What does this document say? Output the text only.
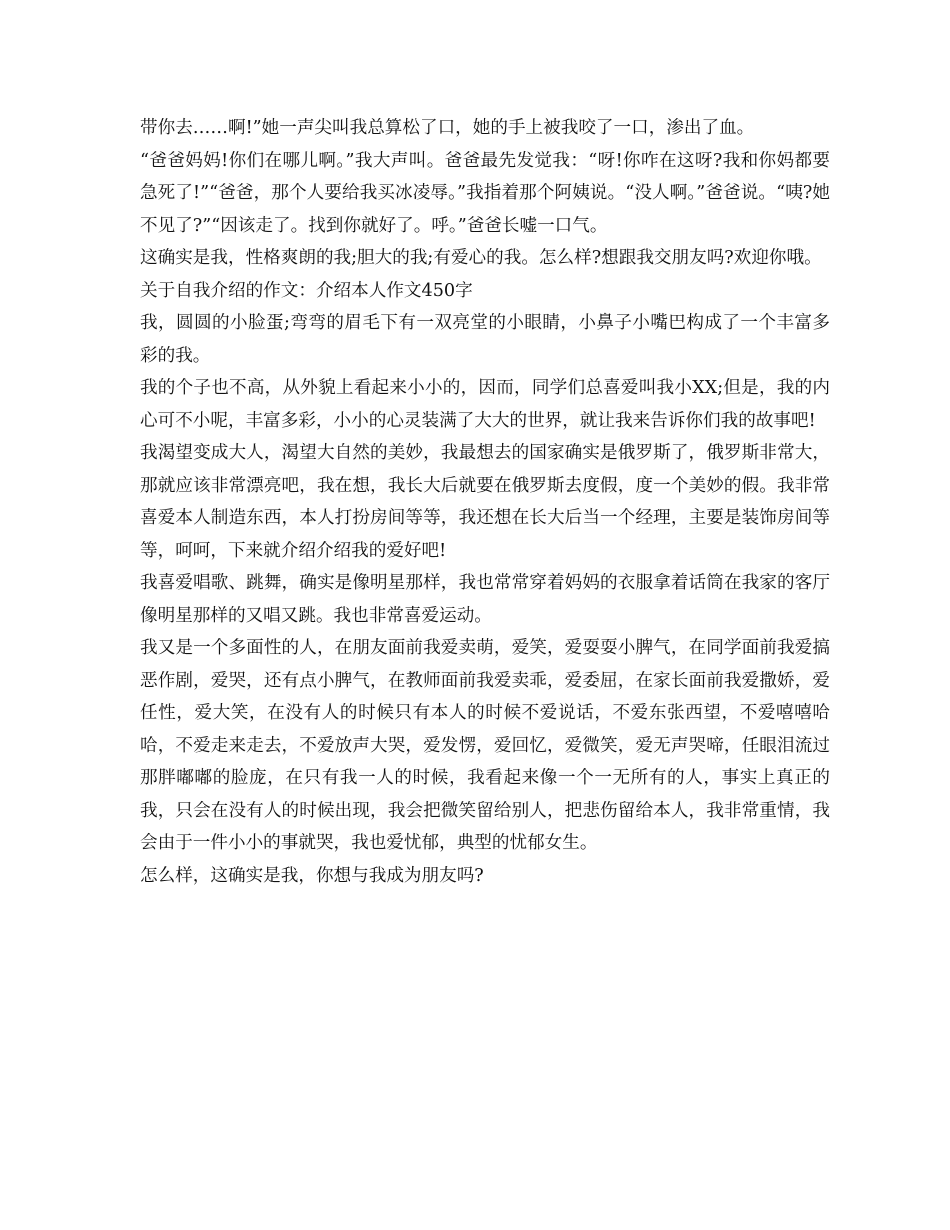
带你去……啊!”她一声尖叫我总算松了口，她的手上被我咬了一口，渗出了血。

“爸爸妈妈!你们在哪儿啊。”我大声叫。爸爸最先发觉我：“呀!你咋在这呀?我和你妈都要急死了!”“爸爸，那个人要给我买冰凌辱。”我指着那个阿姨说。“没人啊。”爸爸说。“咦?她不见了?”“因该走了。找到你就好了。呼。”爸爸长嘘一口气。

这确实是我，性格爽朗的我;胆大的我;有爱心的我。怎么样?想跟我交朋友吗?欢迎你哦。

关于自我介绍的作文：介绍本人作文450字

我，圆圆的小脸蛋;弯弯的眉毛下有一双亮堂的小眼睛，小鼻子小嘴巴构成了一个丰富多彩的我。

我的个子也不高，从外貌上看起来小小的，因而，同学们总喜爱叫我小XX;但是，我的内心可不小呢，丰富多彩，小小的心灵装满了大大的世界，就让我来告诉你们我的故事吧!

我渴望变成大人，渴望大自然的美妙，我最想去的国家确实是俄罗斯了，俄罗斯非常大，那就应该非常漂亮吧，我在想，我长大后就要在俄罗斯去度假，度一个美妙的假。我非常喜爱本人制造东西，本人打扮房间等等，我还想在长大后当一个经理，主要是装饰房间等等，呵呵，下来就介绍介绍我的爱好吧!

我喜爱唱歌、跳舞，确实是像明星那样，我也常常穿着妈妈的衣服拿着话筒在我家的客厅像明星那样的又唱又跳。我也非常喜爱运动。

我又是一个多面性的人，在朋友面前我爱卖萌，爱笑，爱耍耍小脾气，在同学面前我爱搞恶作剧，爱哭，还有点小脾气，在教师面前我爱卖乖，爱委屈，在家长面前我爱撒娇，爱任性，爱大笑，在没有人的时候只有本人的时候不爱说话，不爱东张西望，不爱嘻嘻哈哈，不爱走来走去，不爱放声大哭，爱发愣，爱回忆，爱微笑，爱无声哭啼，任眼泪流过那胖嘟嘟的脸庞，在只有我一人的时候，我看起来像一个一无所有的人，事实上真正的我，只会在没有人的时候出现，我会把微笑留给别人，把悲伤留给本人，我非常重情，我会由于一件小小的事就哭，我也爱忧郁，典型的忧郁女生。

怎么样，这确实是我，你想与我成为朋友吗?
